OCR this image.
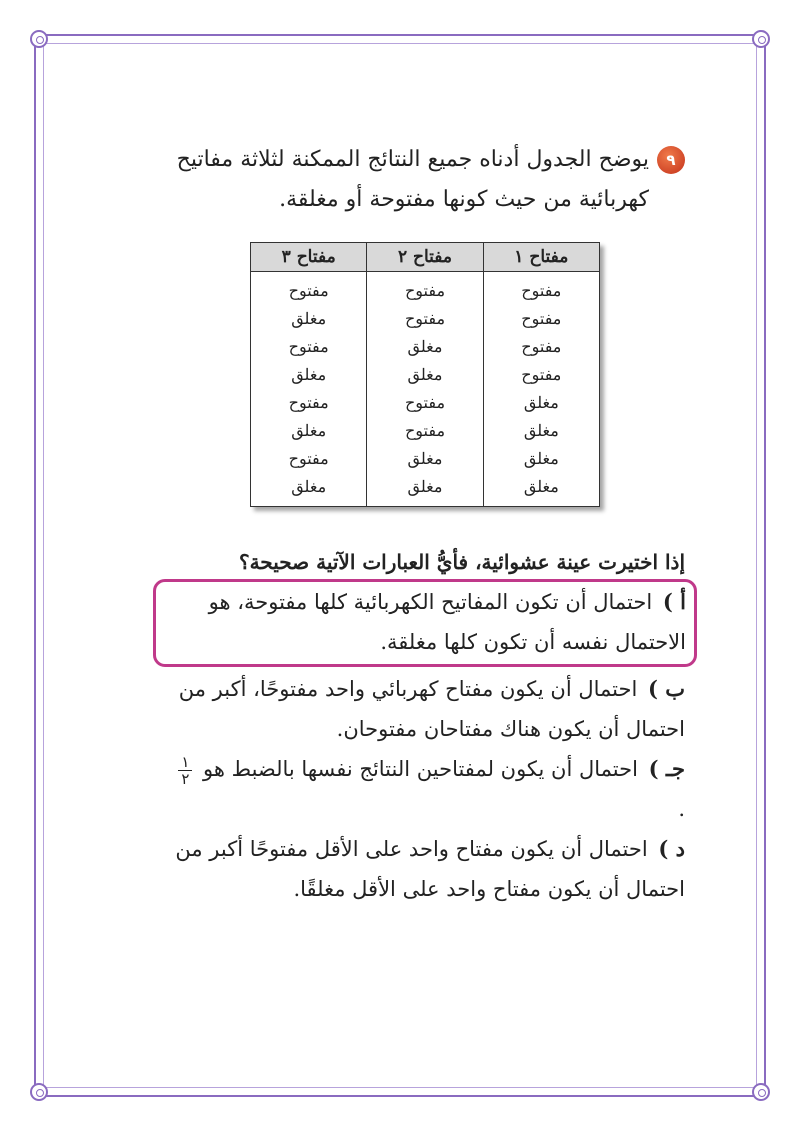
٩
يوضح الجدول أدناه جميع النتائج الممكنة لثلاثة مفاتيح كهربائية من حيث كونها مفتوحة أو مغلقة.
مفتاح ١	مفتاح ٢	مفتاح ٣
مفتوح	مفتوح	مفتوح
مفتوح	مفتوح	مغلق
مفتوح	مغلق	مفتوح
مفتوح	مغلق	مغلق
مغلق	مفتوح	مفتوح
مغلق	مفتوح	مغلق
مغلق	مغلق	مفتوح
مغلق	مغلق	مغلق
إذا اختيرت عينة عشوائية، فأيُّ العبارات الآتية صحيحة؟
أ ) احتمال أن تكون المفاتيح الكهربائية كلها مفتوحة، هو الاحتمال نفسه أن تكون كلها مغلقة.
ب ) احتمال أن يكون مفتاح كهربائي واحد مفتوحًا، أكبر من احتمال أن يكون هناك مفتاحان مفتوحان.
جـ ) احتمال أن يكون لمفتاحين النتائج نفسها بالضبط هو
$\frac{١}{٢}$
.
د ) احتمال أن يكون مفتاح واحد على الأقل مفتوحًا أكبر من احتمال أن يكون مفتاح واحد على الأقل مغلقًا.
